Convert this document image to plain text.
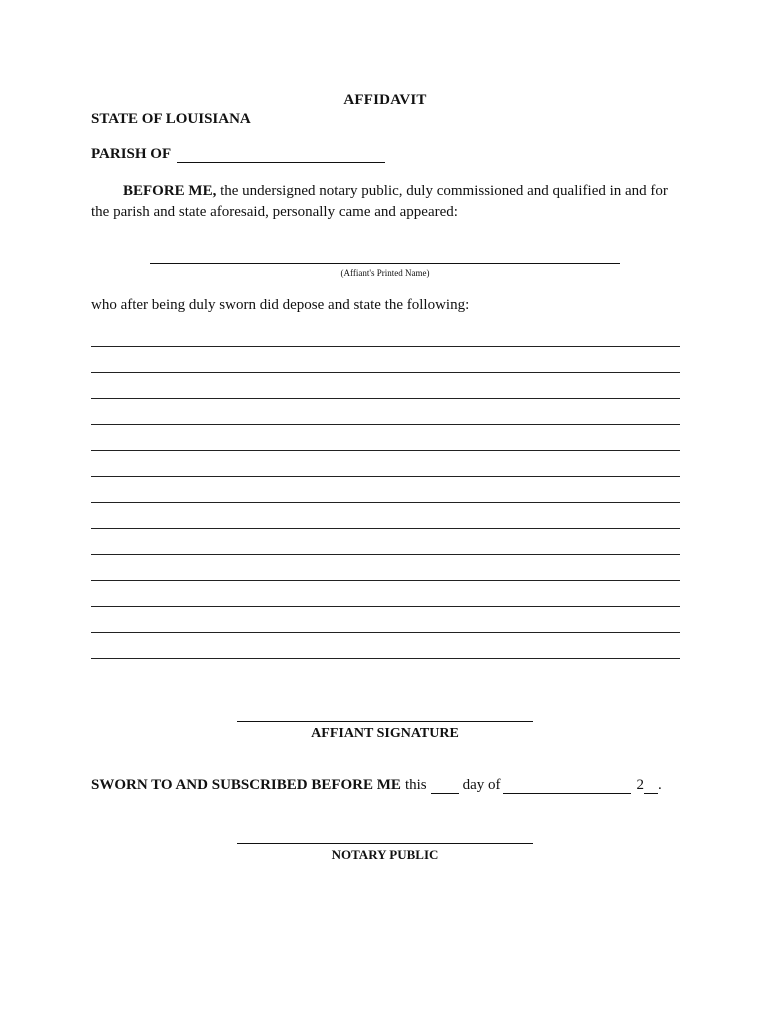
AFFIDAVIT
STATE OF LOUISIANA
PARISH OF
BEFORE ME, the undersigned notary public, duly commissioned and qualified in and for the parish and state aforesaid, personally came and appeared:
(Affiant's Printed Name)
who after being duly sworn did depose and state the following:
AFFIANT SIGNATURE
SWORN TO AND SUBSCRIBED BEFORE ME this day of	2 .
NOTARY PUBLIC
